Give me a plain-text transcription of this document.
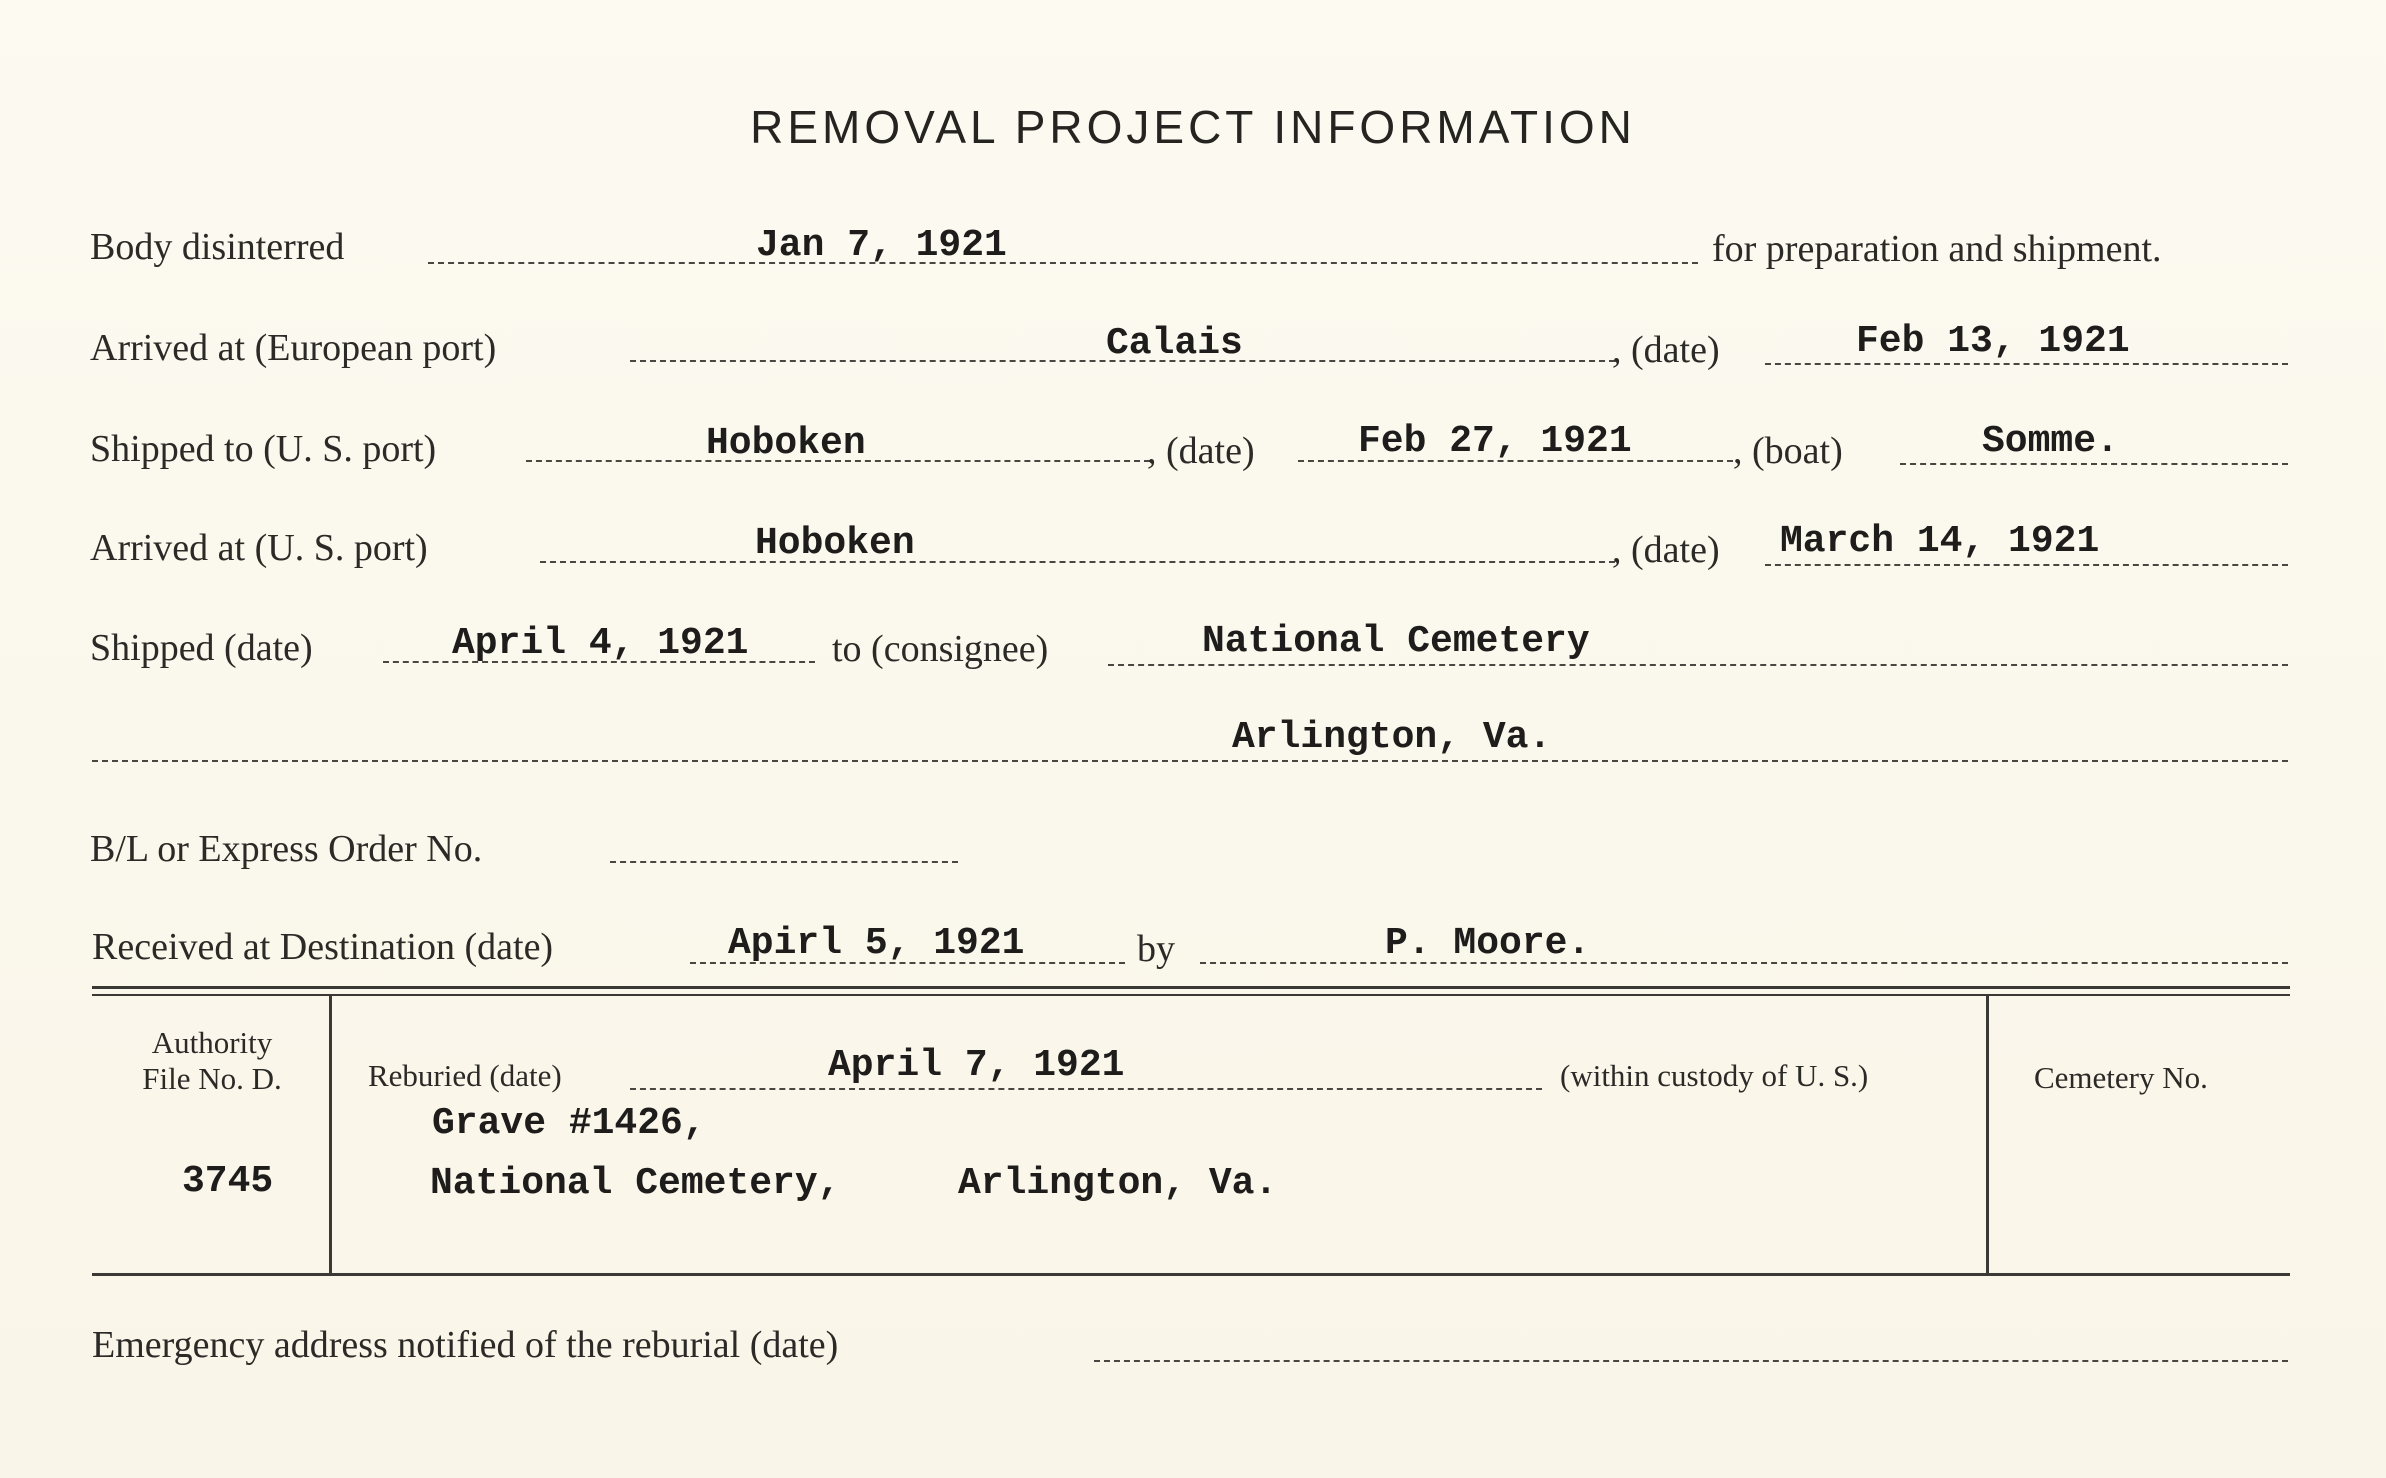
REMOVAL PROJECT INFORMATION
Body disinterred	Jan 7, 1921	for preparation and shipment.
Arrived at (European port)	Calais	, (date)	Feb 13, 1921
Shipped to (U. S. port)	Hoboken	, (date)	Feb 27, 1921	, (boat)	Somme.
Arrived at (U. S. port)	Hoboken	, (date) March 14, 1921
Shipped (date)	April 4, 1921 to (consignee)	National Cemetery
Arlington, Va.
B/L or Express Order No.
Received at Destination (date)	Apirl 5, 1921	by	P. Moore.
Authority
File No. D.
3745
Reburied (date)	April 7, 1921	(within custody of U. S.)
Grave #1426,
National Cemetery,	Arlington, Va.
Cemetery No.
Emergency address notified of the reburial (date)
